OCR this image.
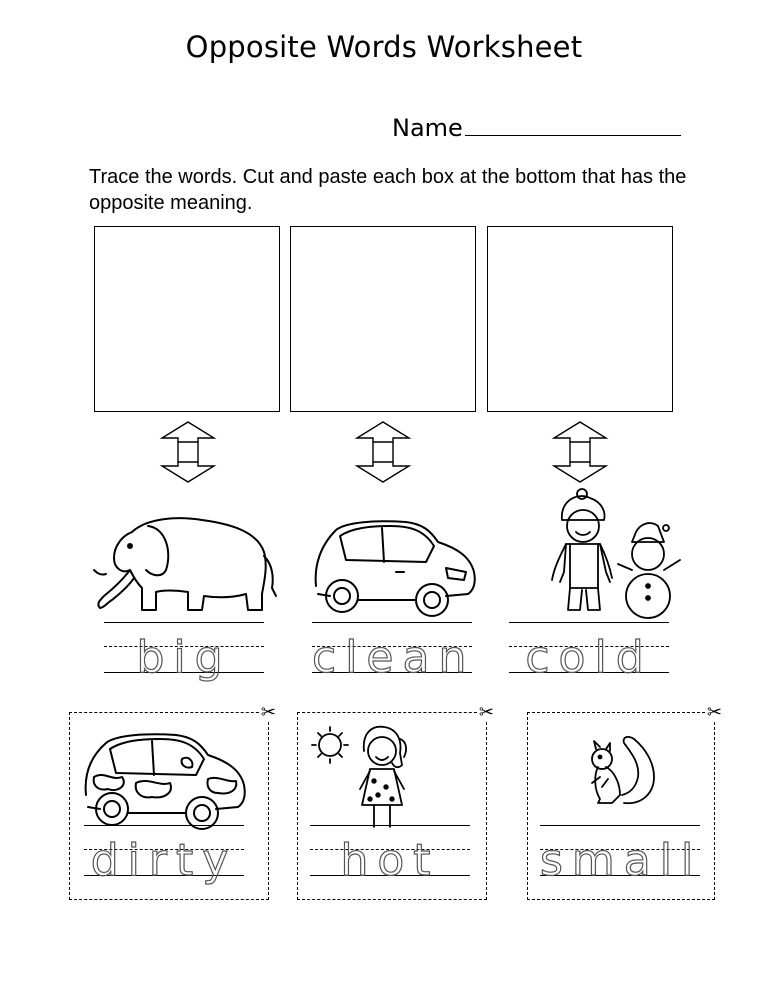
Opposite Words Worksheet
Name
Trace the words. Cut and paste each box at the bottom that has the opposite meaning.
big	clean	cold
✂
dirty
✂
hot
✂
small
